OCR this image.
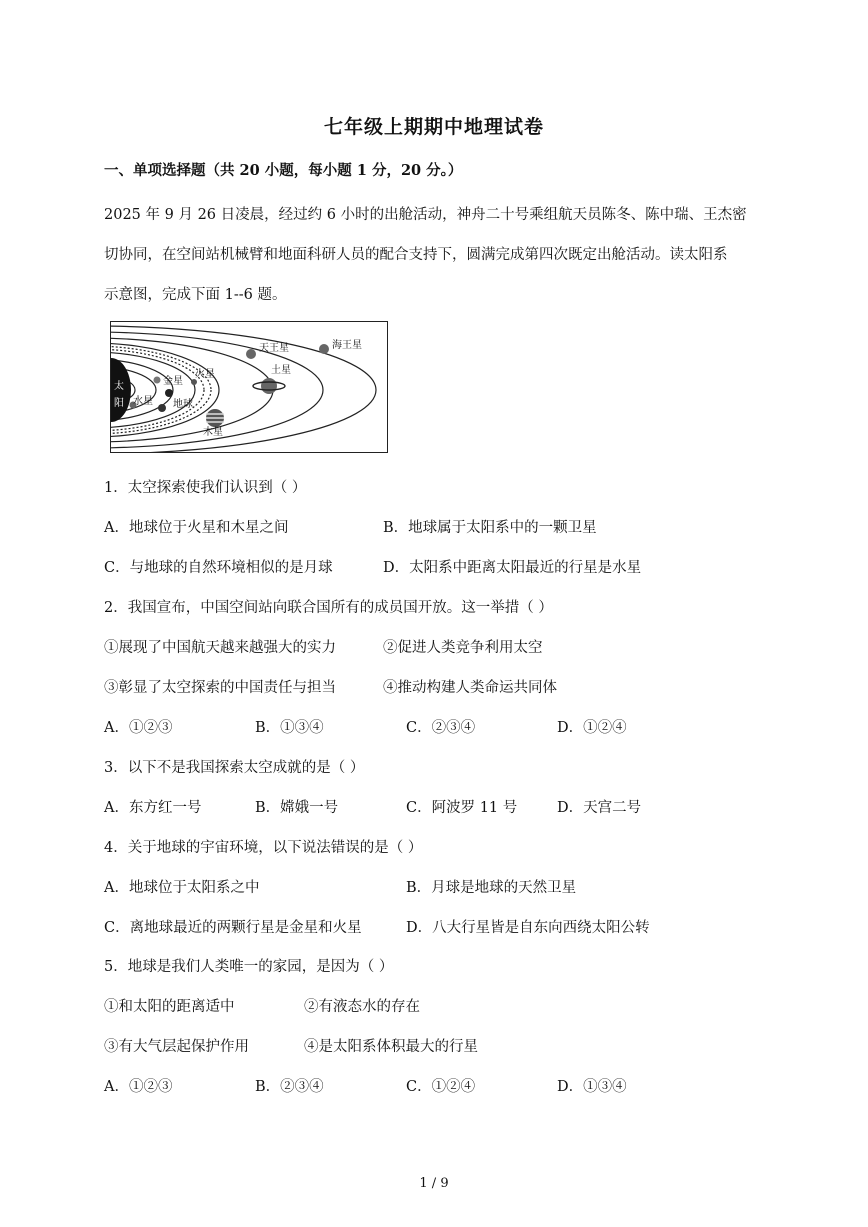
七年级上期期中地理试卷
一、单项选择题（共 20 小题，每小题 1 分，20 分。）
2025 年 9 月 26 日凌晨，经过约 6 小时的出舱活动，神舟二十号乘组航天员陈冬、陈中瑞、王杰密
切协同，在空间站机械臂和地面科研人员的配合支持下，圆满完成第四次既定出舱活动。读太阳系
示意图，完成下面 1--6 题。
太
阳 水星
金星
地球
火星
木星
土星
天王星	海王星
1．太空探索使我们认识到（ ）
A．地球位于火星和木星之间	B．地球属于太阳系中的一颗卫星
C．与地球的自然环境相似的是月球	D．太阳系中距离太阳最近的行星是水星
2．我国宣布，中国空间站向联合国所有的成员国开放。这一举措（ ）
①展现了中国航天越来越强大的实力	②促进人类竞争利用太空
③彰显了太空探索的中国责任与担当	④推动构建人类命运共同体
A．①②③	B．①③④	C．②③④	D．①②④
3．以下不是我国探索太空成就的是（ ）
A．东方红一号	B．嫦娥一号	C．阿波罗 11 号	D．天宫二号
4．关于地球的宇宙环境，以下说法错误的是（ ）
A．地球位于太阳系之中	B．月球是地球的天然卫星
C．离地球最近的两颗行星是金星和火星	D．八大行星皆是自东向西绕太阳公转
5．地球是我们人类唯一的家园，是因为（ ）
①和太阳的距离适中	②有液态水的存在
③有大气层起保护作用	④是太阳系体积最大的行星
A．①②③	B．②③④	C．①②④	D．①③④
1 / 9
